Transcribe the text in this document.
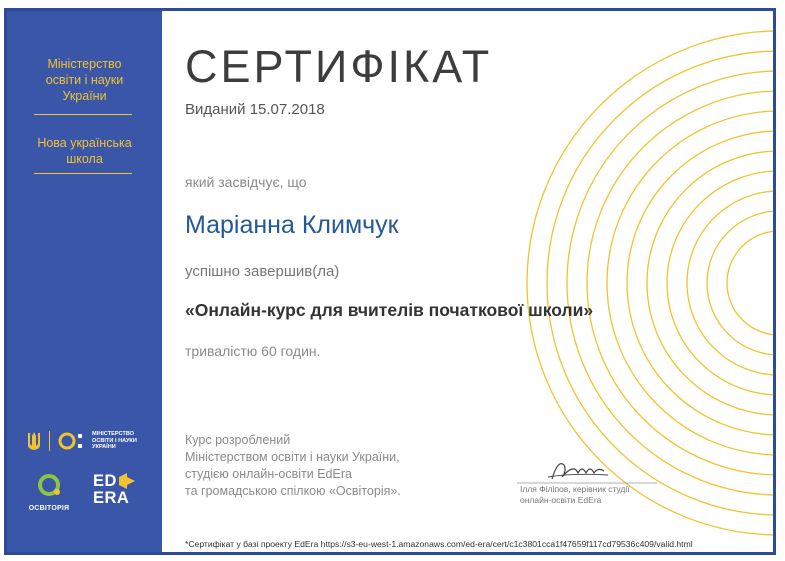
Міністерство
освіти і науки
України
Нова українська
школа
МІНІСТЕРСТВО
ОСВІТИ І НАУКИ
УКРАЇНИ
ОСВІТОРІЯ
ED
ERA
СЕРТИФІКАТ
Виданий 15.07.2018
який засвідчує, що
Маріанна Климчук
успішно завершив(ла)
«Онлайн-курс для вчителів початкової школи»
тривалістю 60 годин.
Курс розроблений
Міністерством освіти і науки України,
студією онлайн-освіти EdEra
та громадською спілкою «Освіторія».	Ілля Філіпов, керівник студії
онлайн-освіти EdEra
*Сертифікат у базі проекту EdEra https://s3-eu-west-1.amazonaws.com/ed-era/cert/c1c3801cca1f47659f117cd79536c409/valid.html
